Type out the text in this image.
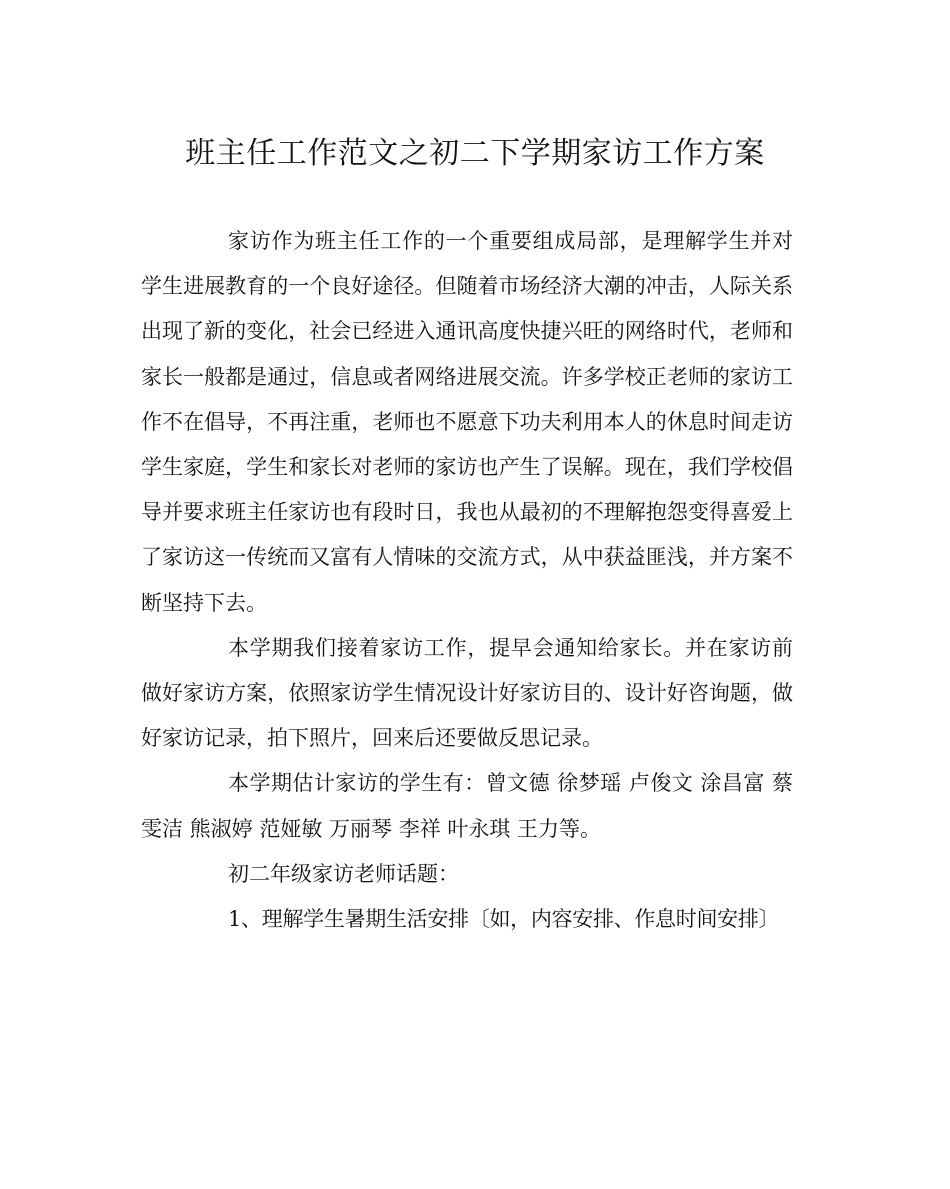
班主任工作范文之初二下学期家访工作方案

家访作为班主任工作的一个重要组成局部，是理解学生并对学生进展教育的一个良好途径。但随着市场经济大潮的冲击，人际关系出现了新的变化，社会已经进入通讯高度快捷兴旺的网络时代，老师和家长一般都是通过，信息或者网络进展交流。许多学校正老师的家访工作不在倡导，不再注重，老师也不愿意下功夫利用本人的休息时间走访学生家庭，学生和家长对老师的家访也产生了误解。现在，我们学校倡导并要求班主任家访也有段时日，我也从最初的不理解抱怨变得喜爱上了家访这一传统而又富有人情味的交流方式，从中获益匪浅，并方案不断坚持下去。

本学期我们接着家访工作，提早会通知给家长。并在家访前做好家访方案，依照家访学生情况设计好家访目的、设计好咨询题，做好家访记录，拍下照片，回来后还要做反思记录。

本学期估计家访的学生有：曾文德 徐梦瑶 卢俊文 涂昌富 蔡雯洁 熊淑婷 范娅敏 万丽琴 李祥 叶永琪 王力等。

初二年级家访老师话题：

1、理解学生暑期生活安排〔如，内容安排、作息时间安排〕
